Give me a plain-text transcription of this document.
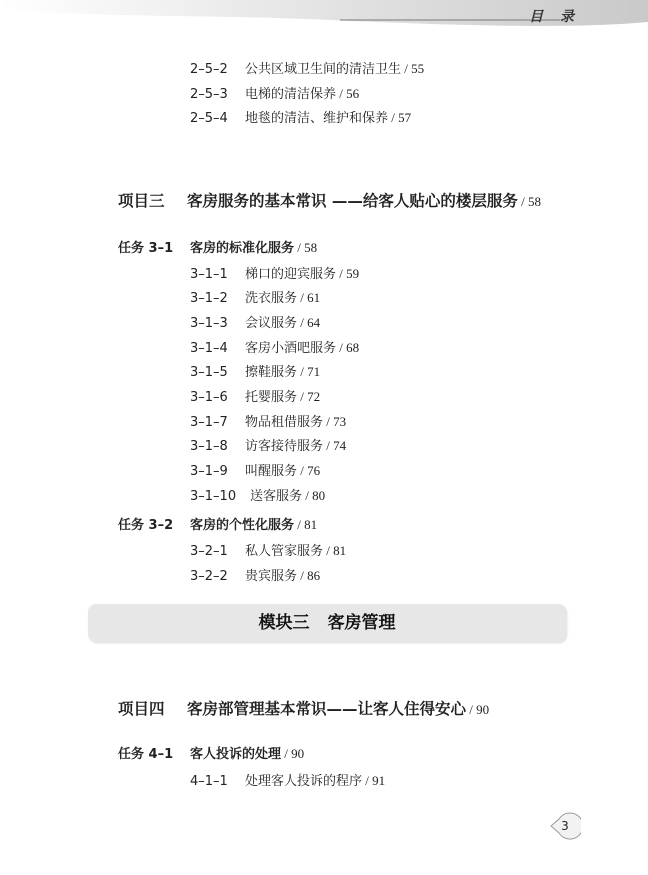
目 录
2–5–2 公共区域卫生间的清洁卫生 / 55
2–5–3 电梯的清洁保养 / 56
2–5–4 地毯的清洁、维护和保养 / 57
项目三 客房服务的基本常识 ——给客人贴心的楼层服务 / 58
任务 3–1 客房的标准化服务 / 58
3–1–1 梯口的迎宾服务 / 59
3–1–2 洗衣服务 / 61
3–1–3 会议服务 / 64
3–1–4 客房小酒吧服务 / 68
3–1–5 擦鞋服务 / 71
3–1–6 托婴服务 / 72
3–1–7 物品租借服务 / 73
3–1–8 访客接待服务 / 74
3–1–9 叫醒服务 / 76
3–1–10 送客服务 / 80
任务 3–2 客房的个性化服务 / 81
3–2–1 私人管家服务 / 81
3–2–2 贵宾服务 / 86
模块三 客房管理
项目四 客房部管理基本常识——让客人住得安心 / 90
任务 4–1 客人投诉的处理 / 90
4–1–1 处理客人投诉的程序 / 91
3
